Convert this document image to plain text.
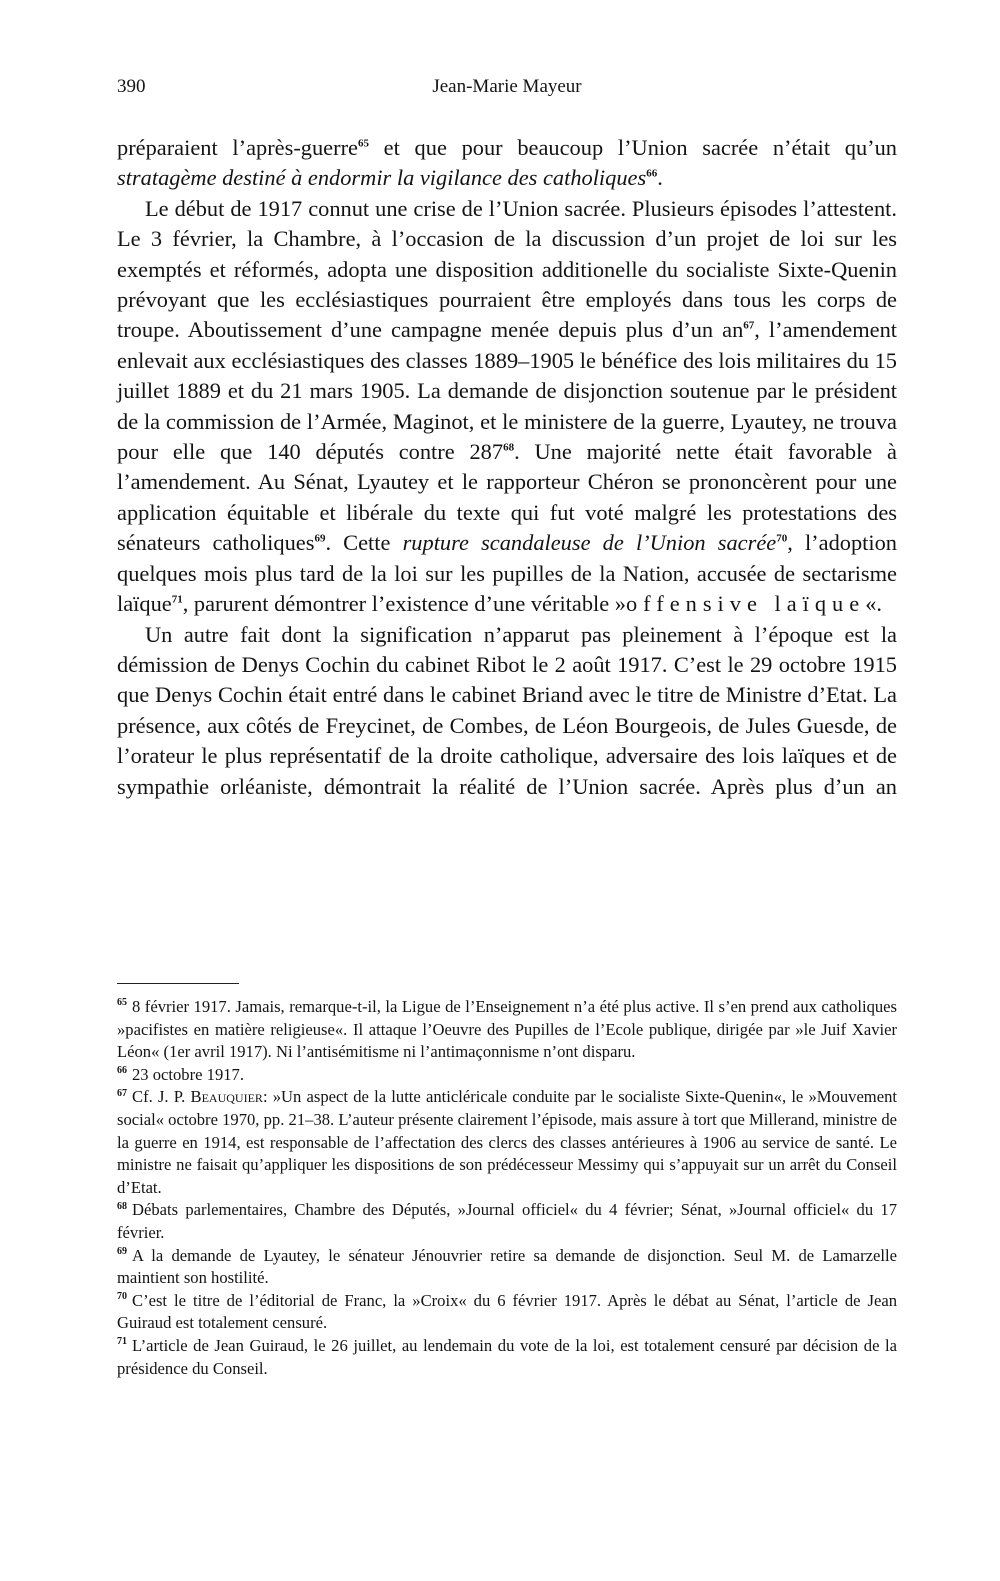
390	Jean-Marie Mayeur

préparaient l’après-guerre$^{65}$ et que pour beaucoup l’Union sacrée n’était qu’un stratagème destiné à endormir la vigilance des catholiques$^{66}$.

Le début de 1917 connut une crise de l’Union sacrée. Plusieurs épisodes l’attestent. Le 3 février, la Chambre, à l’occasion de la discussion d’un projet de loi sur les exemptés et réformés, adopta une disposition additionelle du socialiste Sixte-Quenin prévoyant que les ecclésiastiques pourraient être employés dans tous les corps de troupe. Aboutissement d’une campagne menée depuis plus d’un $an^{67}$, l’amendement enlevait aux ecclésiastiques des classes 1889–1905 le bénéfice des lois militaires du 15 juillet 1889 et du 21 mars 1905. La demande de disjonction soutenue par le président de la commission de l’Armée, Maginot, et le ministere de la guerre, Lyautey, ne trouva pour elle que 140 députés contre $287^{68}$. Une majorité nette était favorable à l’amendement. Au Sénat, Lyautey et le rapporteur Chéron se prononcèrent pour une application équitable et libérale du texte qui fut voté malgré les protestations des sénateurs catholiques$^{69}$. Cette rupture scandaleuse de l’Union sacrée$^{70}$, l’adoption quelques mois plus tard de la loi sur les pupilles de la Nation, accusée de sectarisme laïque$^{71}$, parurent démontrer l’existence d’une véritable »offensive laïque«.

Un autre fait dont la signification n’apparut pas pleinement à l’époque est la démission de Denys Cochin du cabinet Ribot le 2 août 1917. C’est le 29 octobre 1915 que Denys Cochin était entré dans le cabinet Briand avec le titre de Ministre d’Etat. La présence, aux côtés de Freycinet, de Combes, de Léon Bourgeois, de Jules Guesde, de l’orateur le plus représentatif de la droite catholique, adversaire des lois laïques et de sympathie orléaniste, démontrait la réalité de l’Union sacrée. Après plus d’un an

$^{65}$ 8 février 1917. Jamais, remarque-t-il, la Ligue de l’Enseignement n’a été plus active. Il s’en prend aux catholiques »pacifistes en matière religieuse«. Il attaque l’Oeuvre des Pupilles de l’Ecole publique, dirigée par »le Juif Xavier Léon« (1er avril 1917). Ni l’antisémitisme ni l’antimaçonnisme n’ont disparu.

$^{66}$ 23 octobre 1917.

$^{67}$ Cf. J. P. Beauquier: »Un aspect de la lutte anticléricale conduite par le socialiste Sixte-Quenin«, le »Mouvement social« octobre 1970, pp. 21–38. L’auteur présente clairement l’épisode, mais assure à tort que Millerand, ministre de la guerre en 1914, est responsable de l’affectation des clercs des classes antérieures à 1906 au service de santé. Le ministre ne faisait qu’appliquer les dispositions de son prédécesseur Messimy qui s’appuyait sur un arrêt du Conseil d’Etat.

$^{68}$ Débats parlementaires, Chambre des Députés, »Journal officiel« du 4 février; Sénat, »Journal officiel« du 17 février.

$^{69}$ A la demande de Lyautey, le sénateur Jénouvrier retire sa demande de disjonction. Seul M. de Lamarzelle maintient son hostilité.

$^{70}$ C’est le titre de l’éditorial de Franc, la »Croix« du 6 février 1917. Après le débat au Sénat, l’article de Jean Guiraud est totalement censuré.

$^{71}$ L’article de Jean Guiraud, le 26 juillet, au lendemain du vote de la loi, est totalement censuré par décision de la présidence du Conseil.
